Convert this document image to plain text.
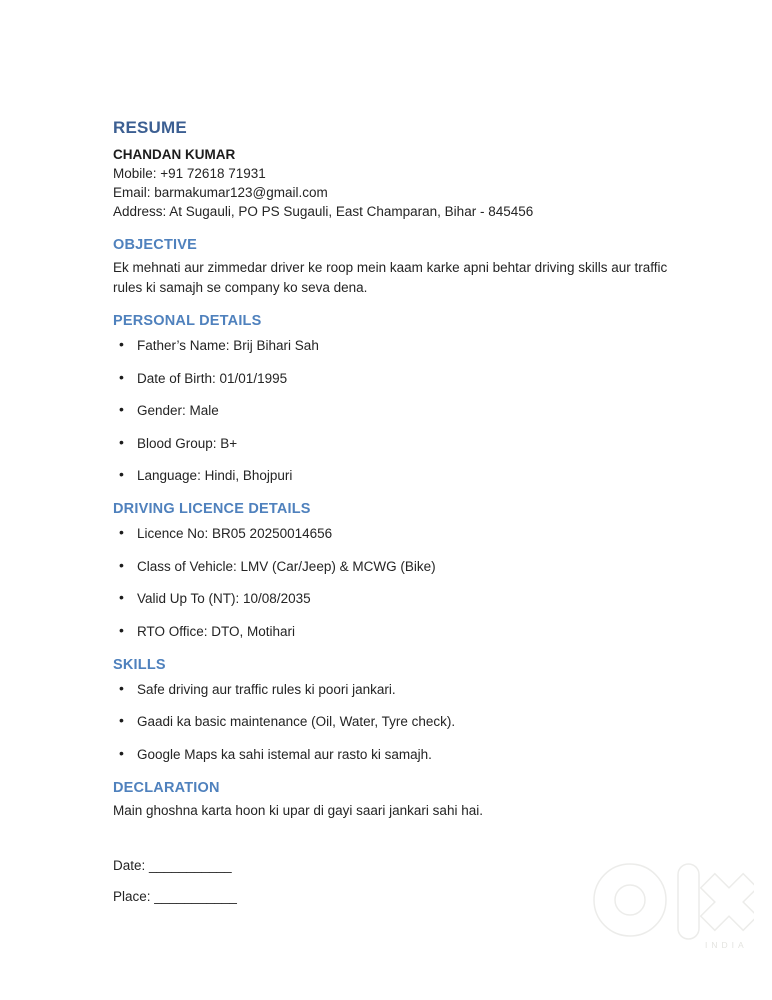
RESUME
CHANDAN KUMAR
Mobile: +91 72618 71931
Email: barmakumar123@gmail.com
Address: At Sugauli, PO PS Sugauli, East Champaran, Bihar - 845456
OBJECTIVE
Ek mehnati aur zimmedar driver ke roop mein kaam karke apni behtar driving skills aur traffic rules ki samajh se company ko seva dena.
PERSONAL DETAILS
• Father’s Name: Brij Bihari Sah
• Date of Birth: 01/01/1995
• Gender: Male
• Blood Group: B+
• Language: Hindi, Bhojpuri
DRIVING LICENCE DETAILS
• Licence No: BR05 20250014656
• Class of Vehicle: LMV (Car/Jeep) & MCWG (Bike)
• Valid Up To (NT): 10/08/2035
• RTO Office: DTO, Motihari
SKILLS
• Safe driving aur traffic rules ki poori jankari.
• Gaadi ka basic maintenance (Oil, Water, Tyre check).
• Google Maps ka sahi istemal aur rasto ki samajh.
DECLARATION
Main ghoshna karta hoon ki upar di gayi saari jankari sahi hai.
Date: ___________
Place: ___________
INDIA
